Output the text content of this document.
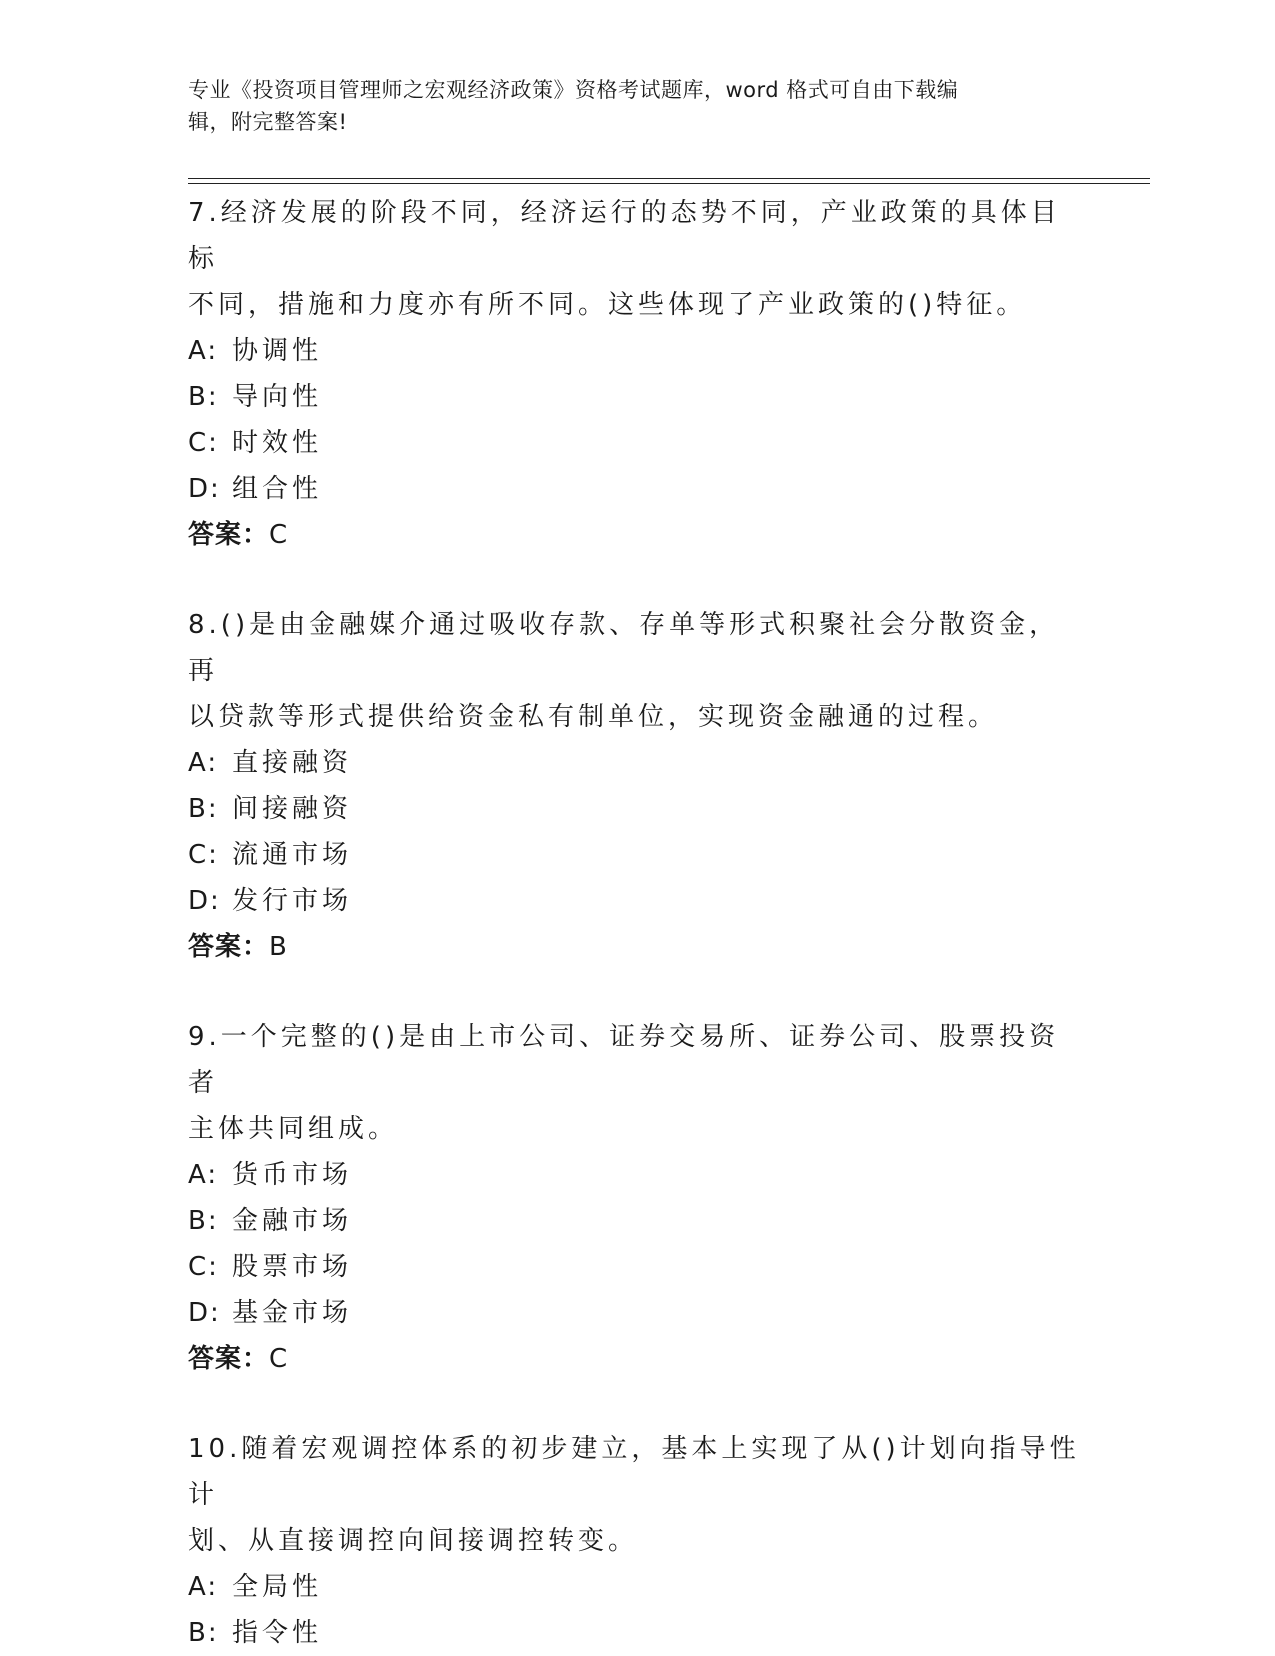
专业《投资项目管理师之宏观经济政策》资格考试题库，word 格式可自由下载编
辑，附完整答案!

7.经济发展的阶段不同，经济运行的态势不同，产业政策的具体目标

不同，措施和力度亦有所不同。这些体现了产业政策的()特征。

A: 协调性

B: 导向性

C: 时效性

D: 组合性

答案：C

8.()是由金融媒介通过吸收存款、存单等形式积聚社会分散资金，再

以贷款等形式提供给资金私有制单位，实现资金融通的过程。

A: 直接融资

B: 间接融资

C: 流通市场

D: 发行市场

答案：B

9.一个完整的()是由上市公司、证券交易所、证券公司、股票投资者

主体共同组成。

A: 货币市场

B: 金融市场

C: 股票市场

D: 基金市场

答案：C

10.随着宏观调控体系的初步建立，基本上实现了从()计划向指导性计

划、从直接调控向间接调控转变。

A: 全局性

B: 指令性
